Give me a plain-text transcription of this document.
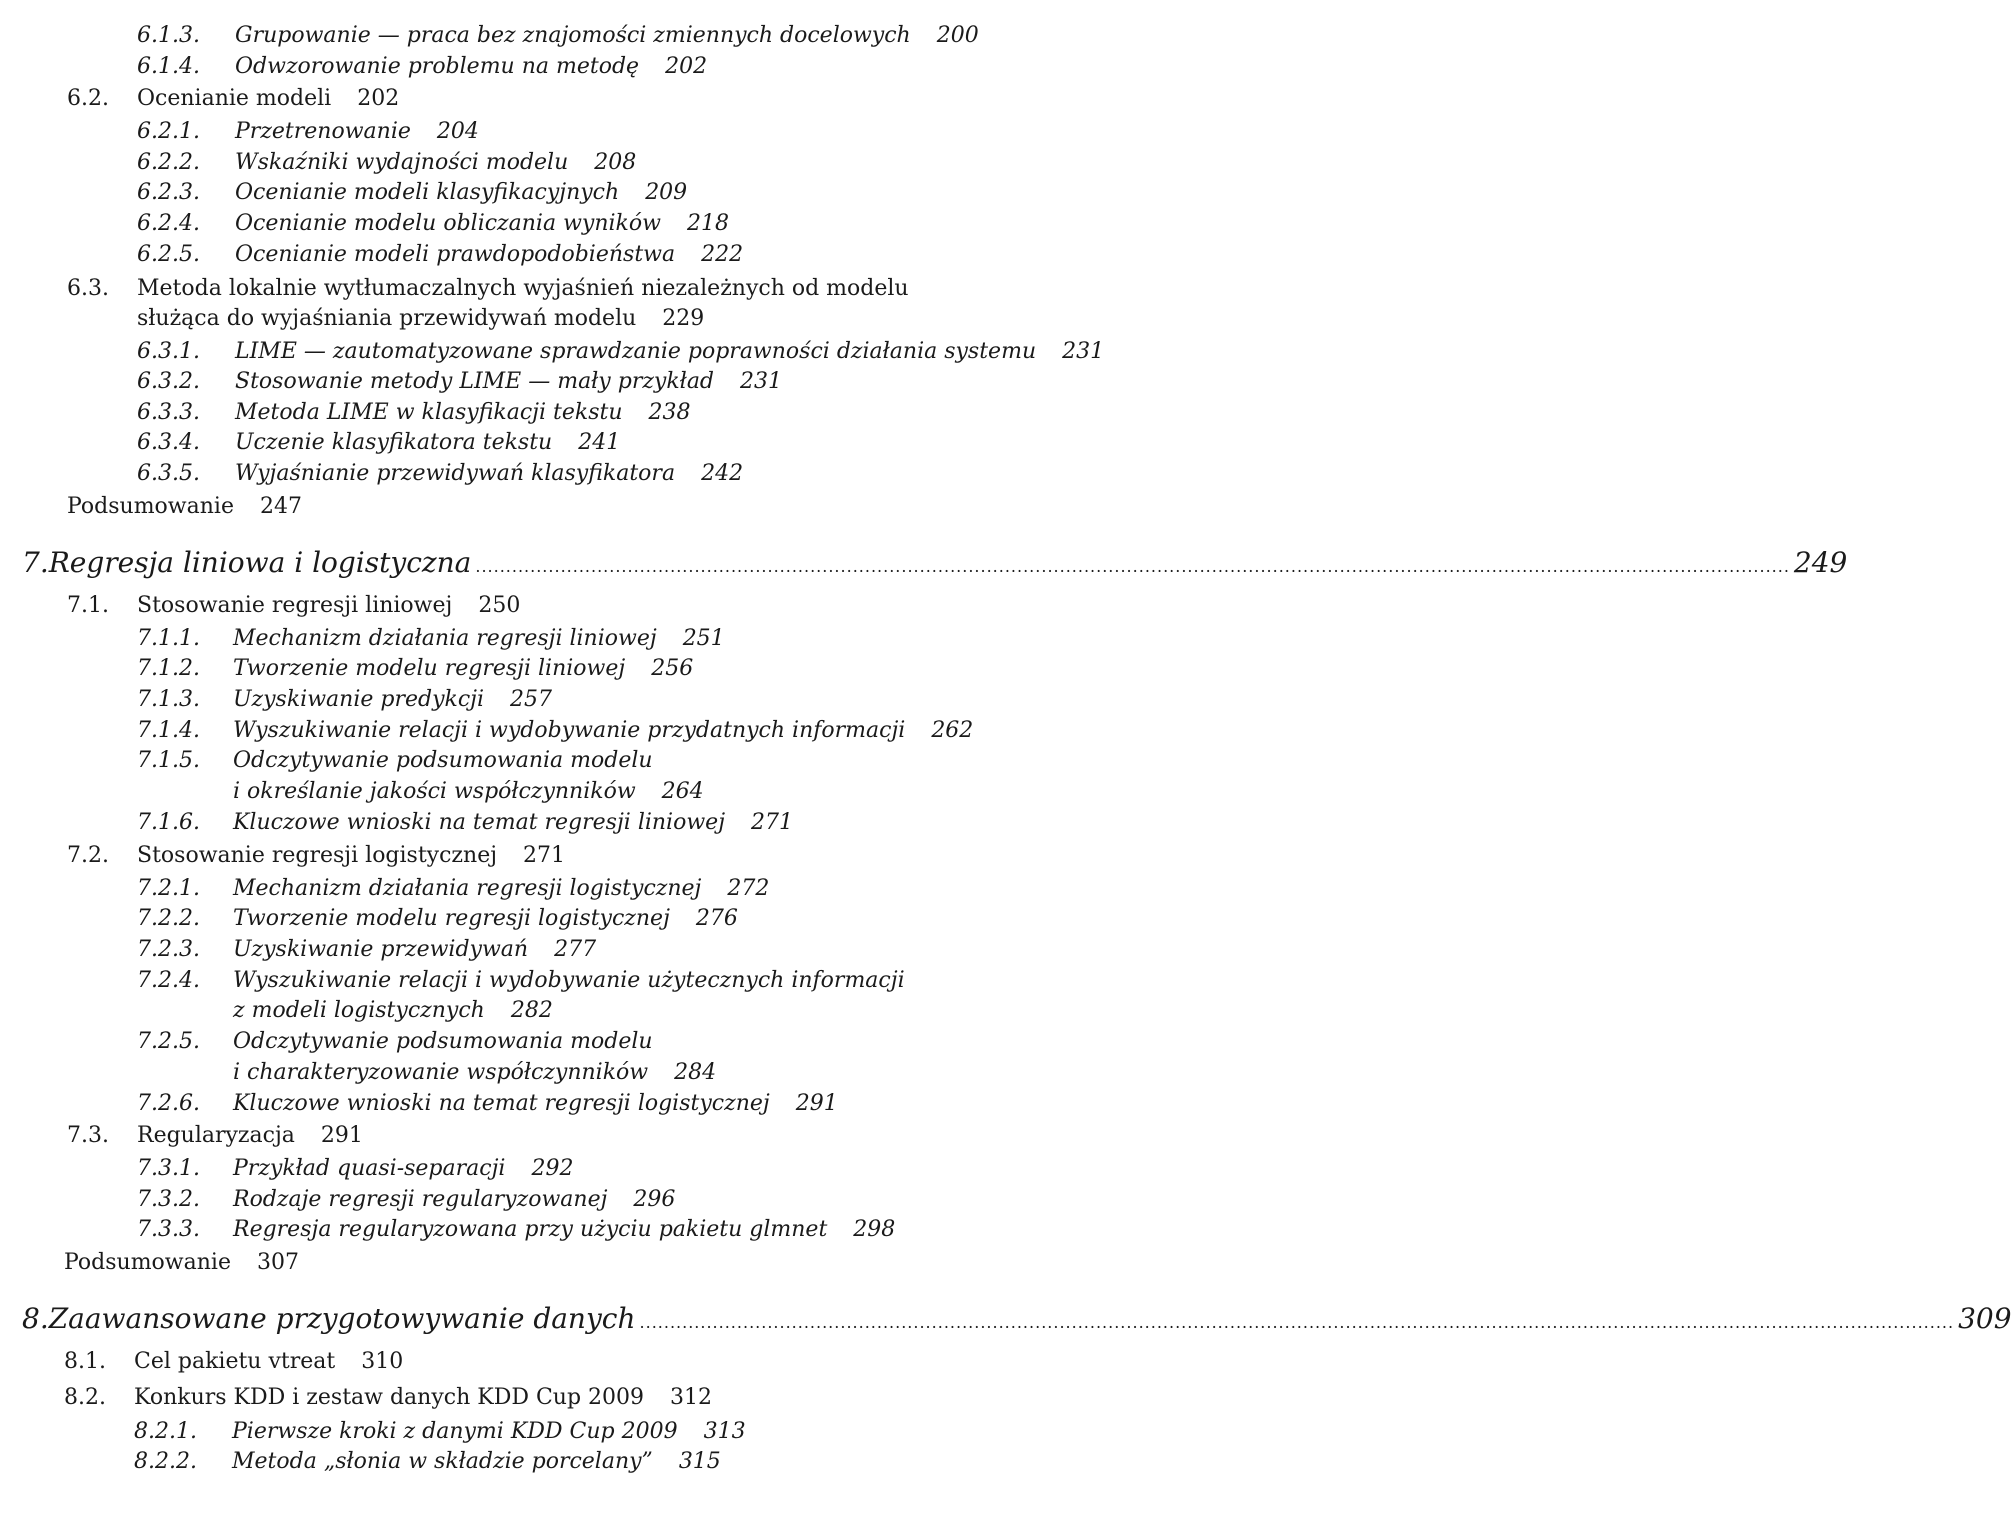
6.1.3. Grupowanie — praca bez znajomości zmiennych docelowych 200
6.1.4. Odwzorowanie problemu na metodę 202
6.2. Ocenianie modeli 202
6.2.1. Przetrenowanie 204
6.2.2. Wskaźniki wydajności modelu 208
6.2.3. Ocenianie modeli klasyfikacyjnych 209
6.2.4. Ocenianie modelu obliczania wyników 218
6.2.5. Ocenianie modeli prawdopodobieństwa 222
6.3. Metoda lokalnie wytłumaczalnych wyjaśnień niezależnych od modelu
służąca do wyjaśniania przewidywań modelu 229
6.3.1. LIME — zautomatyzowane sprawdzanie poprawności działania systemu 231
6.3.2. Stosowanie metody LIME — mały przykład 231
6.3.3. Metoda LIME w klasyfikacji tekstu 238
6.3.4. Uczenie klasyfikatora tekstu 241
6.3.5. Wyjaśnianie przewidywań klasyfikatora 242
Podsumowanie 247
7. Regresja liniowa i logistyczna .....	249
7.1. Stosowanie regresji liniowej 250
7.1.1. Mechanizm działania regresji liniowej 251
7.1.2. Tworzenie modelu regresji liniowej 256
7.1.3. Uzyskiwanie predykcji 257
7.1.4. Wyszukiwanie relacji i wydobywanie przydatnych informacji 262
7.1.5. Odczytywanie podsumowania modelu
i określanie jakości współczynników 264
7.1.6. Kluczowe wnioski na temat regresji liniowej 271
7.2. Stosowanie regresji logistycznej 271
7.2.1. Mechanizm działania regresji logistycznej 272
7.2.2. Tworzenie modelu regresji logistycznej 276
7.2.3. Uzyskiwanie przewidywań 277
7.2.4. Wyszukiwanie relacji i wydobywanie użytecznych informacji
z modeli logistycznych 282
7.2.5. Odczytywanie podsumowania modelu
i charakteryzowanie współczynników 284
7.2.6. Kluczowe wnioski na temat regresji logistycznej 291
7.3. Regularyzacja 291
7.3.1. Przykład quasi-separacji 292
7.3.2. Rodzaje regresji regularyzowanej 296
7.3.3. Regresja regularyzowana przy użyciu pakietu glmnet 298
Podsumowanie 307
8. Zaawansowane przygotowywanie danych .....	309
8.1. Cel pakietu vtreat 310
8.2. Konkurs KDD i zestaw danych KDD Cup 2009 312
8.2.1. Pierwsze kroki z danymi KDD Cup 2009 313
8.2.2. Metoda „słonia w składzie porcelany” 315
